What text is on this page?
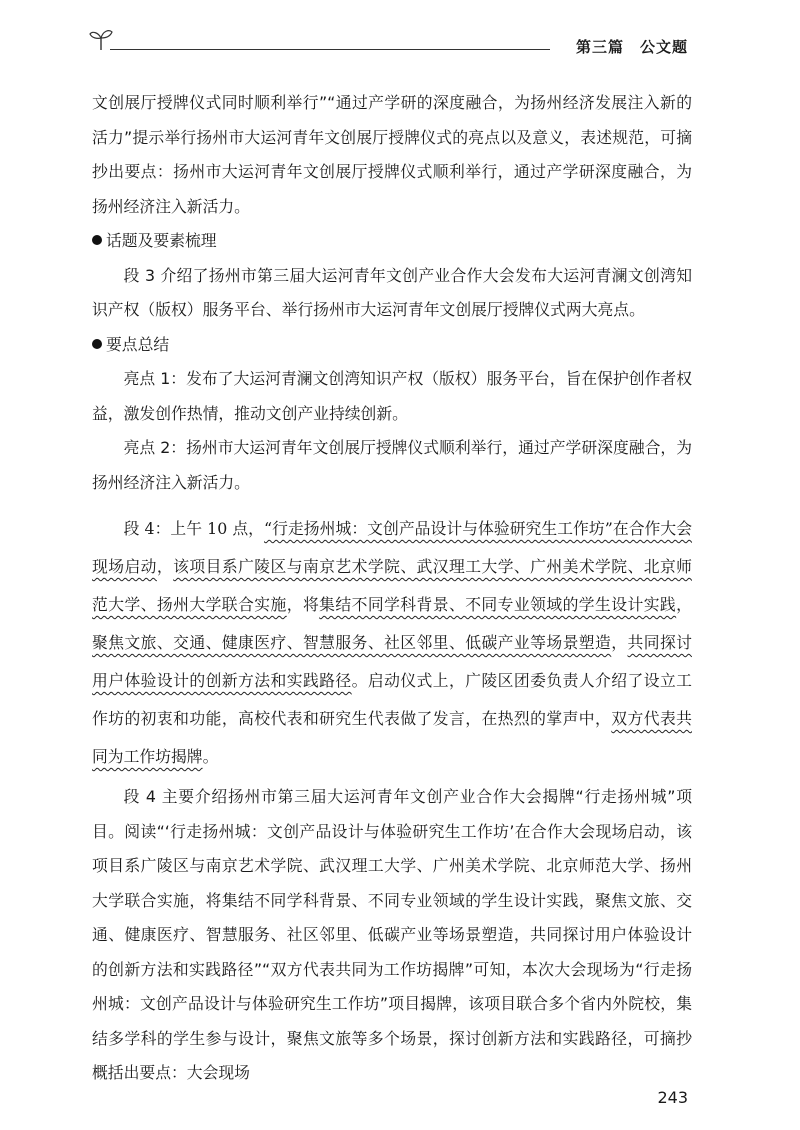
第三篇　公文题

文创展厅授牌仪式同时顺利举行”“通过产学研的深度融合，为扬州经济发展注入新的活力”提示举行扬州市大运河青年文创展厅授牌仪式的亮点以及意义，表述规范，可摘抄出要点：扬州市大运河青年文创展厅授牌仪式顺利举行，通过产学研深度融合，为扬州经济注入新活力。

话题及要素梳理

段 3 介绍了扬州市第三届大运河青年文创产业合作大会发布大运河青澜文创湾知识产权（版权）服务平台、举行扬州市大运河青年文创展厅授牌仪式两大亮点。

要点总结

亮点 1：发布了大运河青澜文创湾知识产权（版权）服务平台，旨在保护创作者权益，激发创作热情，推动文创产业持续创新。

亮点 2：扬州市大运河青年文创展厅授牌仪式顺利举行，通过产学研深度融合，为扬州经济注入新活力。

段 4：上午 10 点，“行走扬州城：文创产品设计与体验研究生工作坊”在合作大会现场启动，该项目系广陵区与南京艺术学院、武汉理工大学、广州美术学院、北京师范大学、扬州大学联合实施，将集结不同学科背景、不同专业领域的学生设计实践，聚焦文旅、交通、健康医疗、智慧服务、社区邻里、低碳产业等场景塑造，共同探讨用户体验设计的创新方法和实践路径。启动仪式上，广陵区团委负责人介绍了设立工作坊的初衷和功能，高校代表和研究生代表做了发言，在热烈的掌声中，双方代表共同为工作坊揭牌。

段 4 主要介绍扬州市第三届大运河青年文创产业合作大会揭牌“行走扬州城”项目。阅读“‘行走扬州城：文创产品设计与体验研究生工作坊’在合作大会现场启动，该项目系广陵区与南京艺术学院、武汉理工大学、广州美术学院、北京师范大学、扬州大学联合实施，将集结不同学科背景、不同专业领域的学生设计实践，聚焦文旅、交通、健康医疗、智慧服务、社区邻里、低碳产业等场景塑造，共同探讨用户体验设计的创新方法和实践路径”“双方代表共同为工作坊揭牌”可知，本次大会现场为“行走扬州城：文创产品设计与体验研究生工作坊”项目揭牌，该项目联合多个省内外院校，集结多学科的学生参与设计，聚焦文旅等多个场景，探讨创新方法和实践路径，可摘抄概括出要点：大会现场

243
